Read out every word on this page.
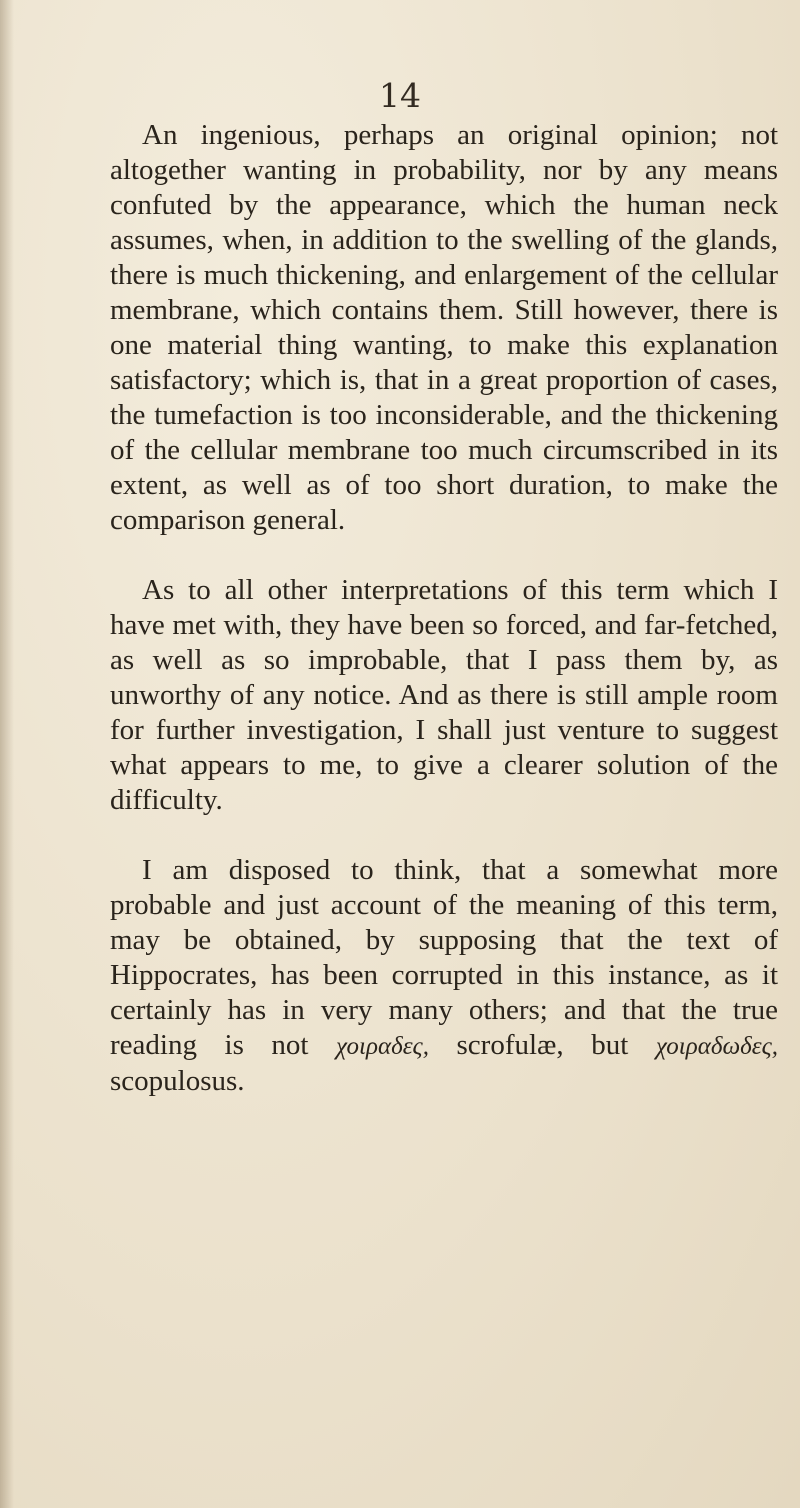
14

An ingenious, perhaps an original opinion; not altogether wanting in probability, nor by any means confuted by the appearance, which the human neck assumes, when, in addition to the swelling of the glands, there is much thickening, and enlargement of the cellular membrane, which contains them. Still however, there is one material thing wanting, to make this explanation satisfactory; which is, that in a great proportion of cases, the tumefaction is too inconsiderable, and the thickening of the cellular membrane too much circumscribed in its extent, as well as of too short duration, to make the comparison general.

As to all other interpretations of this term which I have met with, they have been so forced, and far-fetched, as well as so improbable, that I pass them by, as unworthy of any notice. And as there is still ample room for further investigation, I shall just venture to suggest what appears to me, to give a clearer solution of the difficulty.

I am disposed to think, that a somewhat more probable and just account of the meaning of this term, may be obtained, by supposing that the text of Hippocrates, has been corrupted in this instance, as it certainly has in very many others; and that the true reading is not χοιραδες, scrofulæ, but χοιραδωδες, scopulosus.
